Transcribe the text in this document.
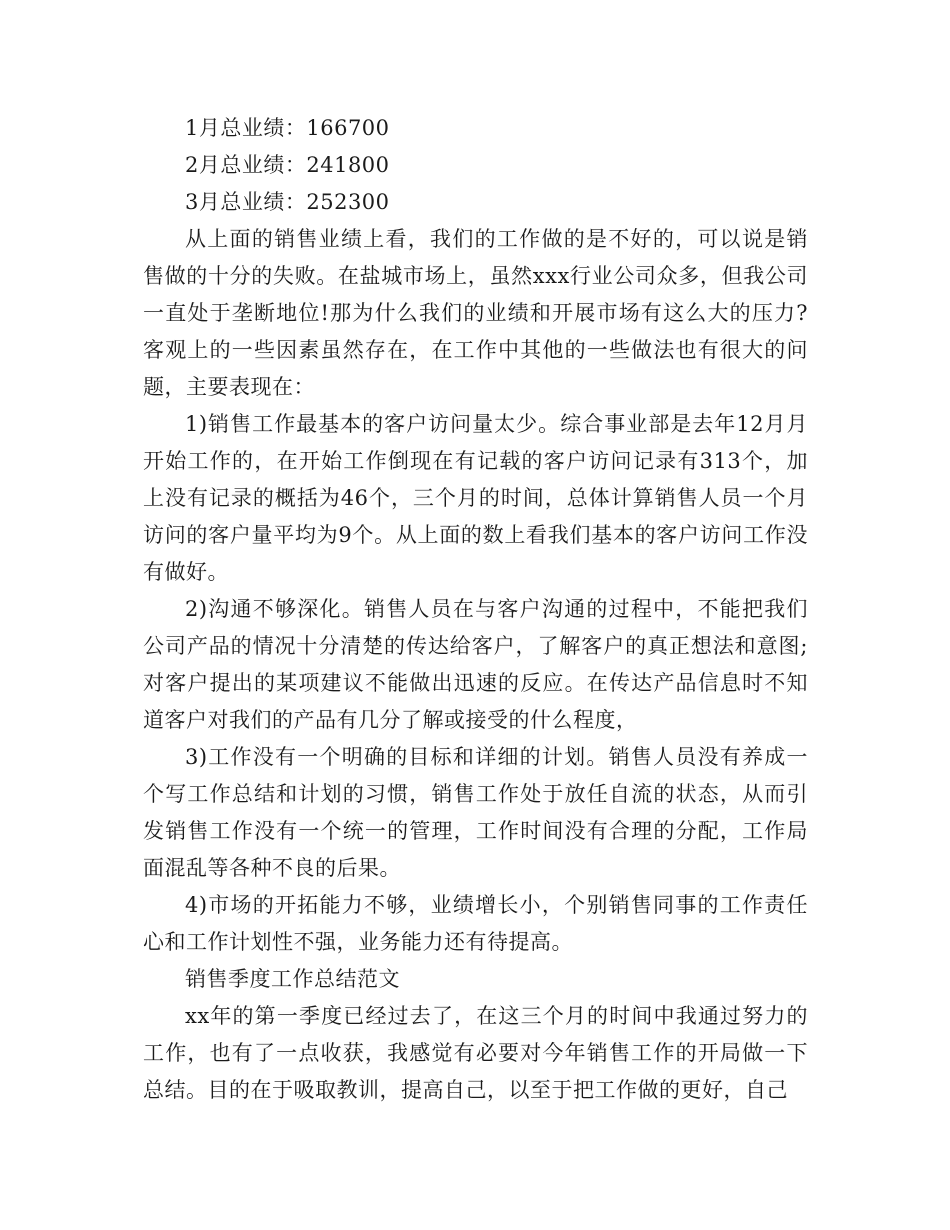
1月总业绩：166700

2月总业绩：241800

3月总业绩：252300

从上面的销售业绩上看，我们的工作做的是不好的，可以说是销售做的十分的失败。在盐城市场上，虽然xxx行业公司众多，但我公司一直处于垄断地位!那为什么我们的业绩和开展市场有这么大的压力?客观上的一些因素虽然存在，在工作中其他的一些做法也有很大的问题，主要表现在：

1)销售工作最基本的客户访问量太少。综合事业部是去年12月月开始工作的，在开始工作倒现在有记载的客户访问记录有313个，加上没有记录的概括为46个，三个月的时间，总体计算销售人员一个月访问的客户量平均为9个。从上面的数上看我们基本的客户访问工作没有做好。

2)沟通不够深化。销售人员在与客户沟通的过程中，不能把我们公司产品的情况十分清楚的传达给客户，了解客户的真正想法和意图;对客户提出的某项建议不能做出迅速的反应。在传达产品信息时不知道客户对我们的产品有几分了解或接受的什么程度，

3)工作没有一个明确的目标和详细的计划。销售人员没有养成一个写工作总结和计划的习惯，销售工作处于放任自流的状态，从而引发销售工作没有一个统一的管理，工作时间没有合理的分配，工作局面混乱等各种不良的后果。

4)市场的开拓能力不够，业绩增长小，个别销售同事的工作责任心和工作计划性不强，业务能力还有待提高。

销售季度工作总结范文

xx年的第一季度已经过去了，在这三个月的时间中我通过努力的工作，也有了一点收获，我感觉有必要对今年销售工作的开局做一下总结。目的在于吸取教训，提高自己，以至于把工作做的更好，自己
